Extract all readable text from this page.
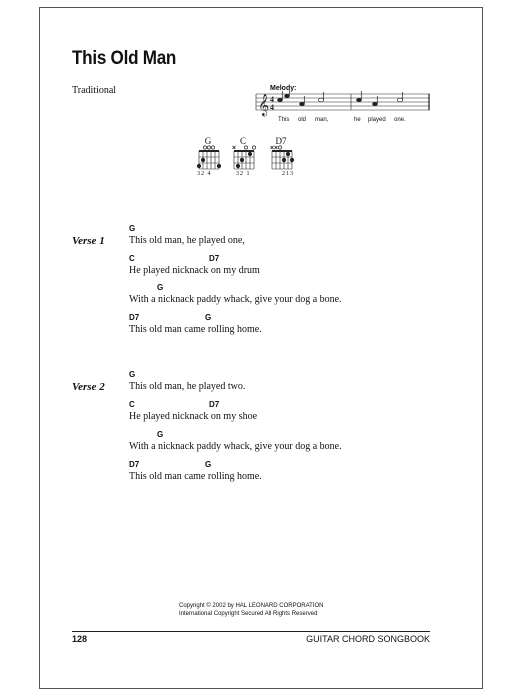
This Old Man
Traditional	Melody:
𝄞 4
4
This old man,	he played one.
G	C	D7
32 4	32 1	213
Verse 1
G
This old man, he played one,
C	D7
He played nicknack on my drum
G
With a nicknack paddy whack, give your dog a bone.
D7	G
This old man came rolling home.
Verse 2
G
This old man, he played two.
C	D7
He played nicknack on my shoe
G
With a nicknack paddy whack, give your dog a bone.
D7	G
This old man came rolling home.
Copyright © 2002 by HAL LEONARD CORPORATION
International Copyright Secured All Rights Reserved
128	GUITAR CHORD SONGBOOK
